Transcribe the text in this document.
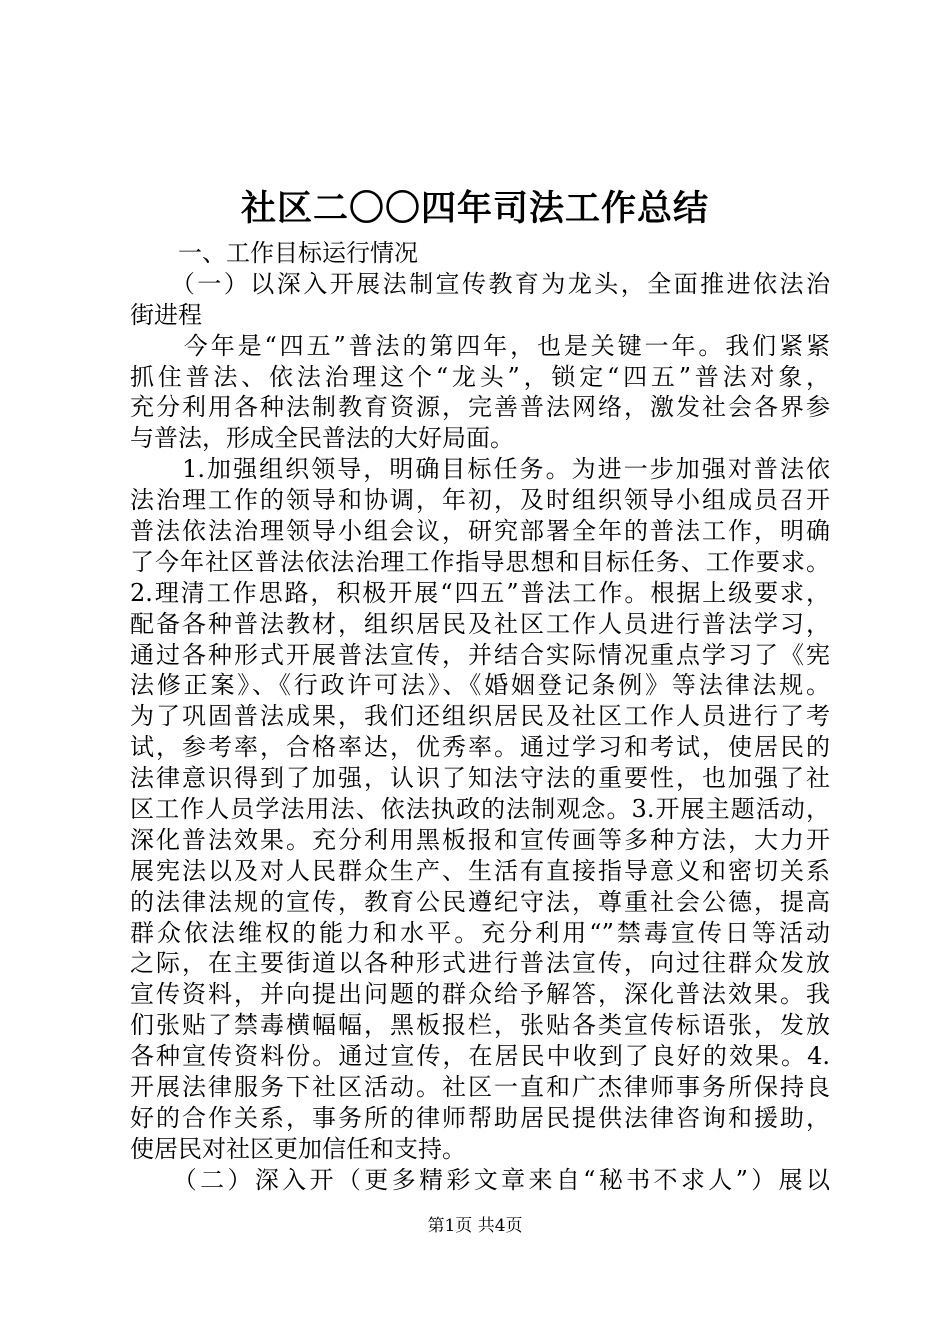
社区二〇〇四年司法工作总结
　　一、工作目标运行情况
　　（一）以深入开展法制宣传教育为龙头，全面推进依法治
街进程
　　今年是“四五”普法的第四年，也是关键一年。我们紧紧
抓住普法、依法治理这个“龙头”，锁定“四五”普法对象，
充分利用各种法制教育资源，完善普法网络，激发社会各界参
与普法，形成全民普法的大好局面。
　　1.加强组织领导，明确目标任务。为进一步加强对普法依
法治理工作的领导和协调，年初，及时组织领导小组成员召开
普法依法治理领导小组会议，研究部署全年的普法工作，明确
了今年社区普法依法治理工作指导思想和目标任务、工作要求。
2.理清工作思路，积极开展“四五”普法工作。根据上级要求，
配备各种普法教材，组织居民及社区工作人员进行普法学习，
通过各种形式开展普法宣传，并结合实际情况重点学习了《宪
法修正案》、《行政许可法》、《婚姻登记条例》等法律法规。
为了巩固普法成果，我们还组织居民及社区工作人员进行了考
试，参考率，合格率达，优秀率。通过学习和考试，使居民的
法律意识得到了加强，认识了知法守法的重要性，也加强了社
区工作人员学法用法、依法执政的法制观念。3.开展主题活动，
深化普法效果。充分利用黑板报和宣传画等多种方法，大力开
展宪法以及对人民群众生产、生活有直接指导意义和密切关系
的法律法规的宣传，教育公民遵纪守法，尊重社会公德，提高
群众依法维权的能力和水平。充分利用“”禁毒宣传日等活动
之际，在主要街道以各种形式进行普法宣传，向过往群众发放
宣传资料，并向提出问题的群众给予解答，深化普法效果。我
们张贴了禁毒横幅幅，黑板报栏，张贴各类宣传标语张，发放
各种宣传资料份。通过宣传，在居民中收到了良好的效果。4.
开展法律服务下社区活动。社区一直和广杰律师事务所保持良
好的合作关系，事务所的律师帮助居民提供法律咨询和援助，
使居民对社区更加信任和支持。
　　（二）深入开（更多精彩文章来自“秘书不求人”）展以
第1页 共4页
